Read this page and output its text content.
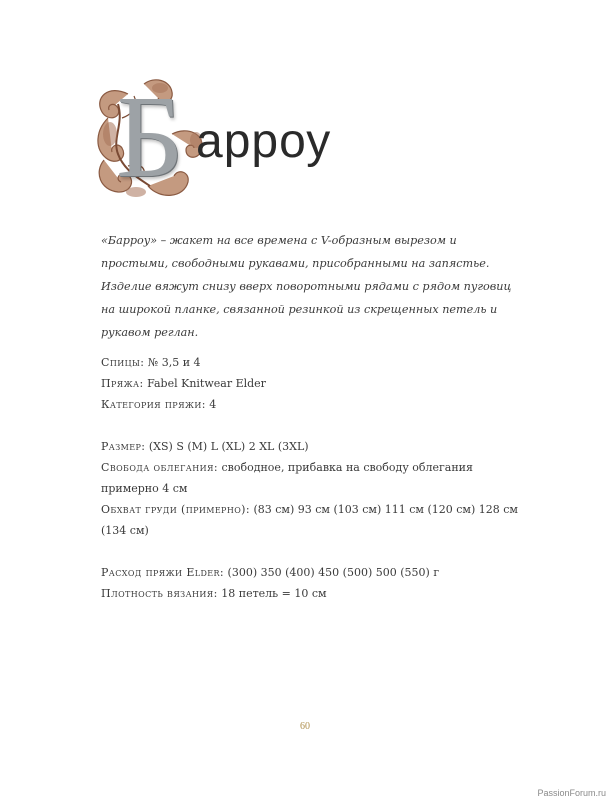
Б арроу

«Барроу» – жакет на все времена с V-образным вырезом и простыми, свободными рукавами, присобранными на запястье. Изделие вяжут снизу вверх поворотными рядами с рядом пуговиц на широкой планке, связанной резинкой из скрещенных петель и рукавом реглан.

Спицы: № 3,5 и 4
Пряжа: Fabel Knitwear Elder
Категория пряжи: 4
Размер: (XS) S (M) L (XL) 2 XL (3XL)
Свобода облегания: свободное, прибавка на свободу облегания примерно 4 см
Обхват груди (примерно): (83 см) 93 см (103 см) 111 см (120 см) 128 см (134 см)
Расход пряжи Elder: (300) 350 (400) 450 (500) 500 (550) г
Плотность вязания: 18 петель = 10 см
60
PassionForum.ru
